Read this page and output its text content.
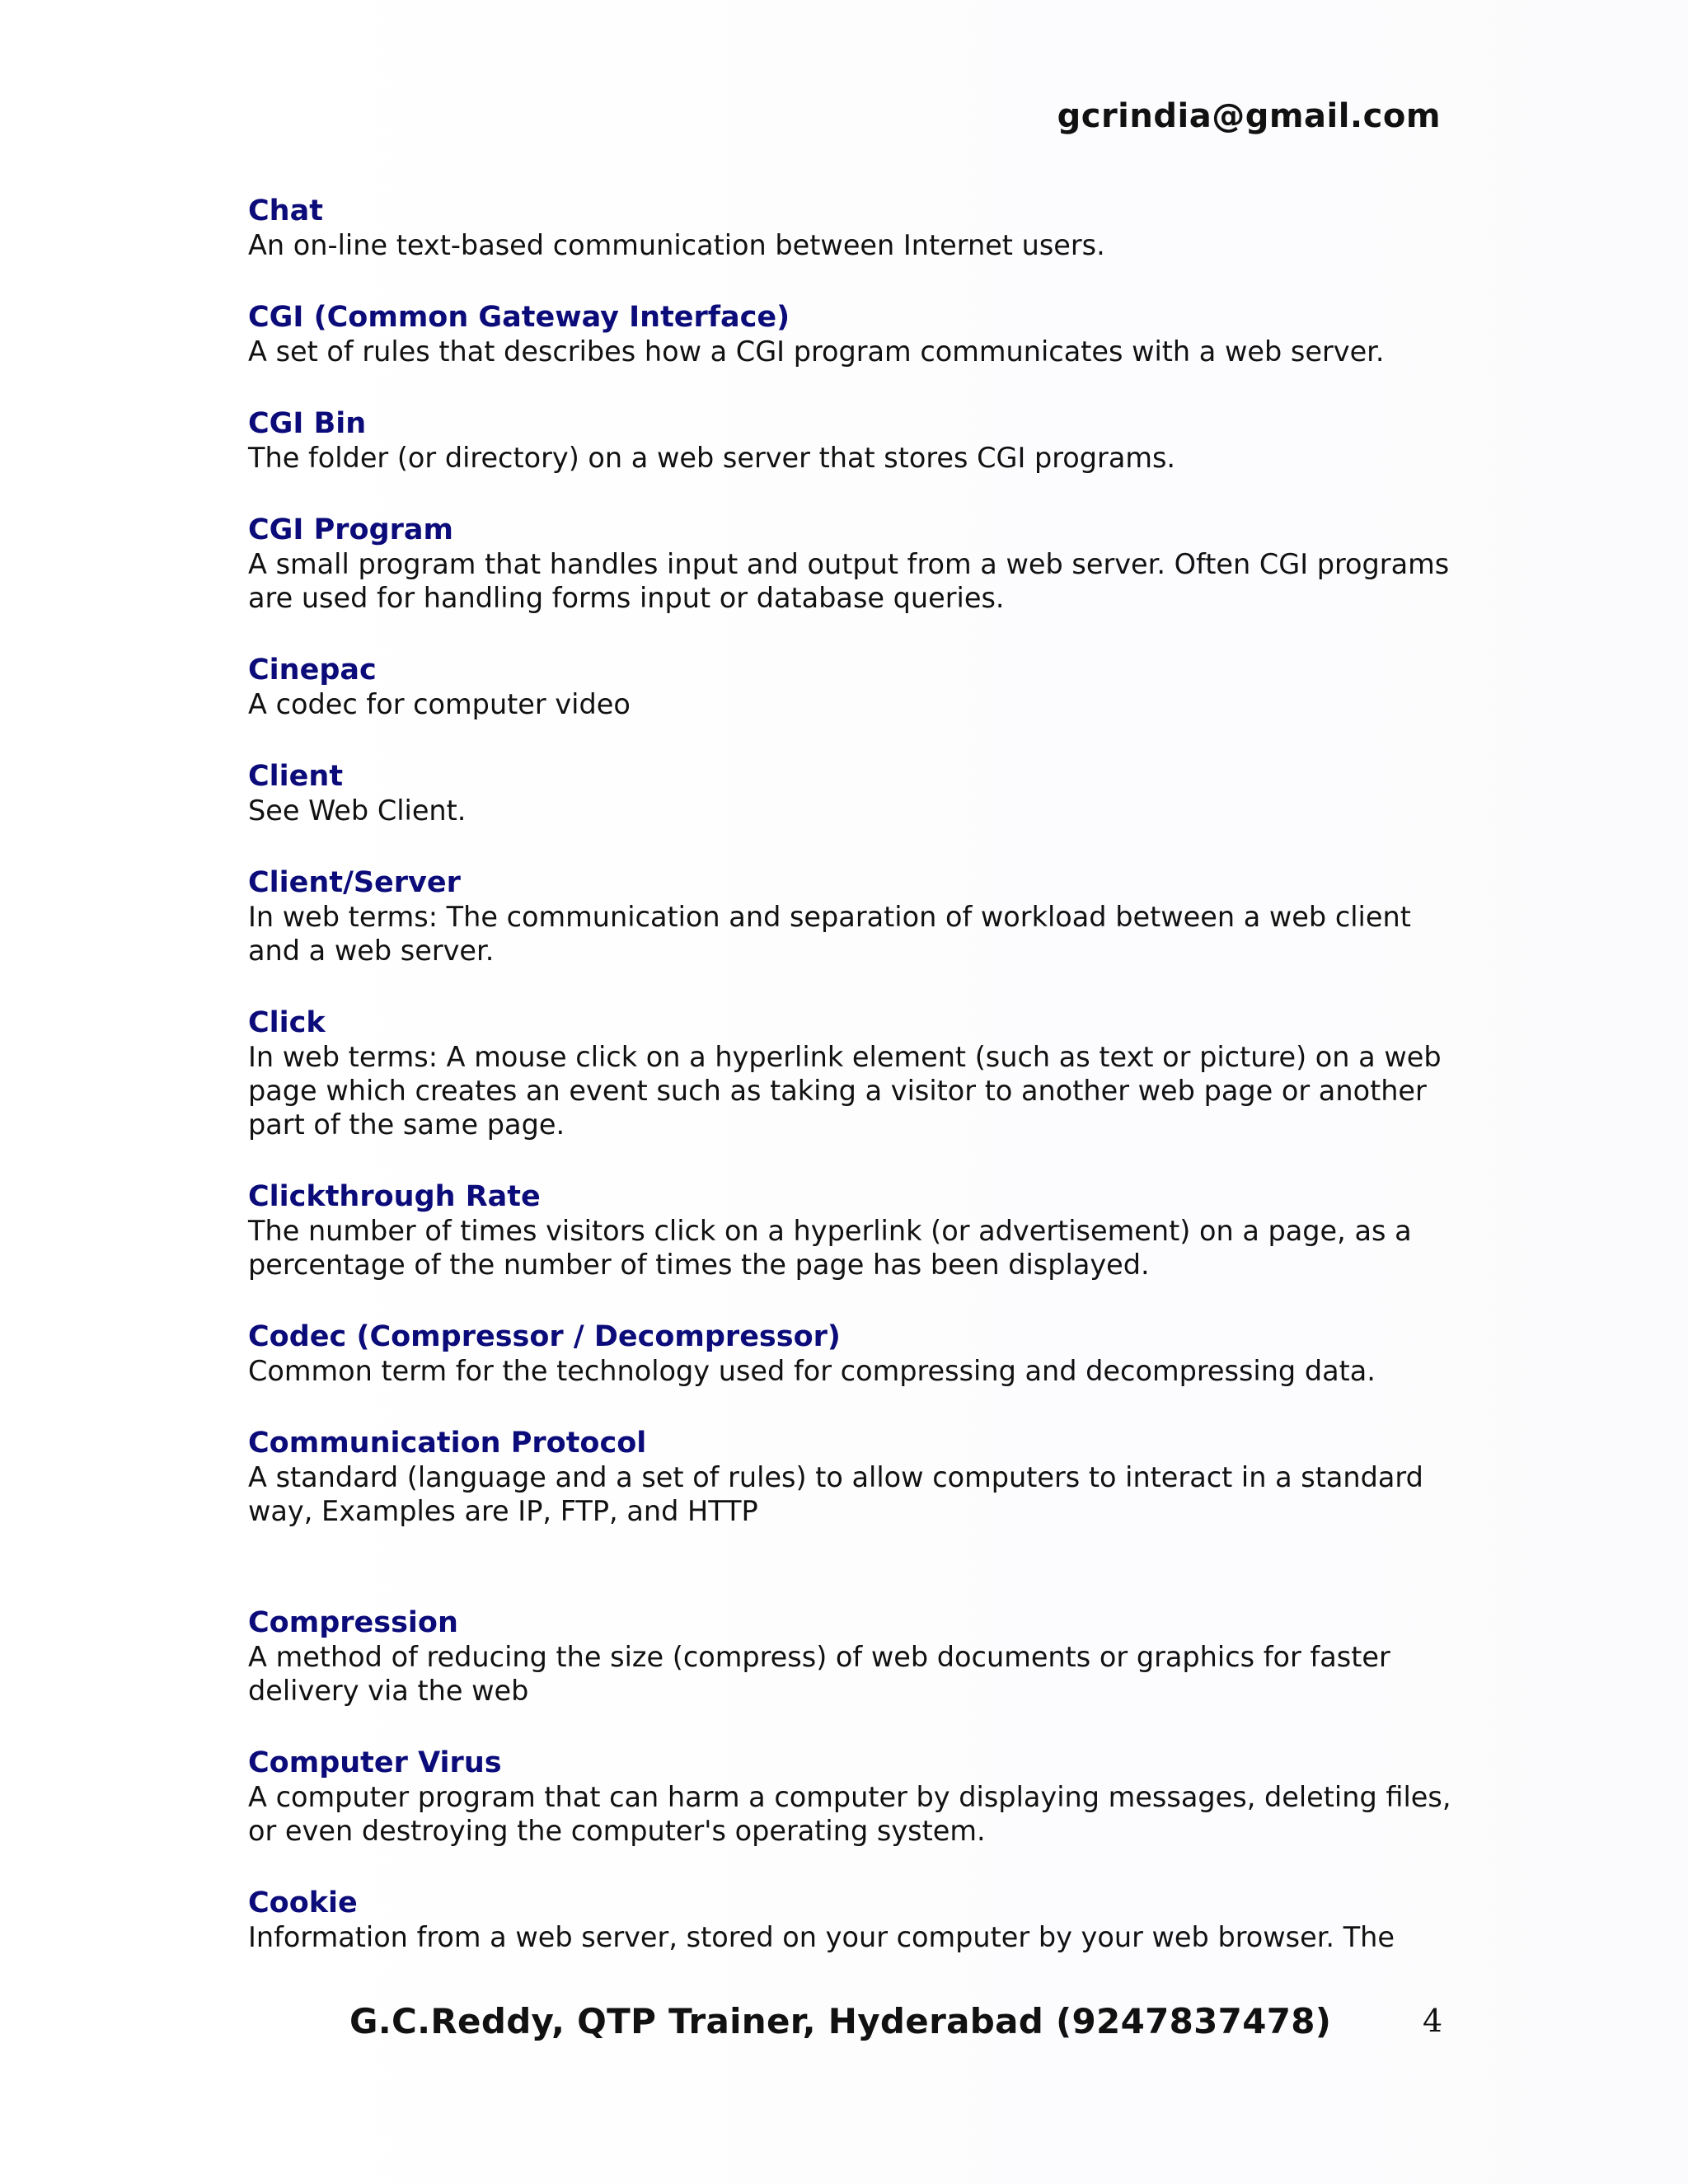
gcrindia@gmail.com

Chat

An on-line text-based communication between Internet users.

CGI (Common Gateway Interface)

A set of rules that describes how a CGI program communicates with a web server.

CGI Bin

The folder (or directory) on a web server that stores CGI programs.

CGI Program

A small program that handles input and output from a web server. Often CGI programs are used for handling forms input or database queries.

Cinepac

A codec for computer video

Client

See Web Client.

Client/Server

In web terms: The communication and separation of workload between a web client and a web server.

Click

In web terms: A mouse click on a hyperlink element (such as text or picture) on a web page which creates an event such as taking a visitor to another web page or another part of the same page.

Clickthrough Rate

The number of times visitors click on a hyperlink (or advertisement) on a page, as a percentage of the number of times the page has been displayed.

Codec (Compressor / Decompressor)

Common term for the technology used for compressing and decompressing data.

Communication Protocol

A standard (language and a set of rules) to allow computers to interact in a standard way, Examples are IP, FTP, and HTTP

Compression

A method of reducing the size (compress) of web documents or graphics for faster delivery via the web

Computer Virus

A computer program that can harm a computer by displaying messages, deleting files, or even destroying the computer's operating system.

Cookie

Information from a web server, stored on your computer by your web browser. The

G.C.Reddy, QTP Trainer, Hyderabad (9247837478)	4
